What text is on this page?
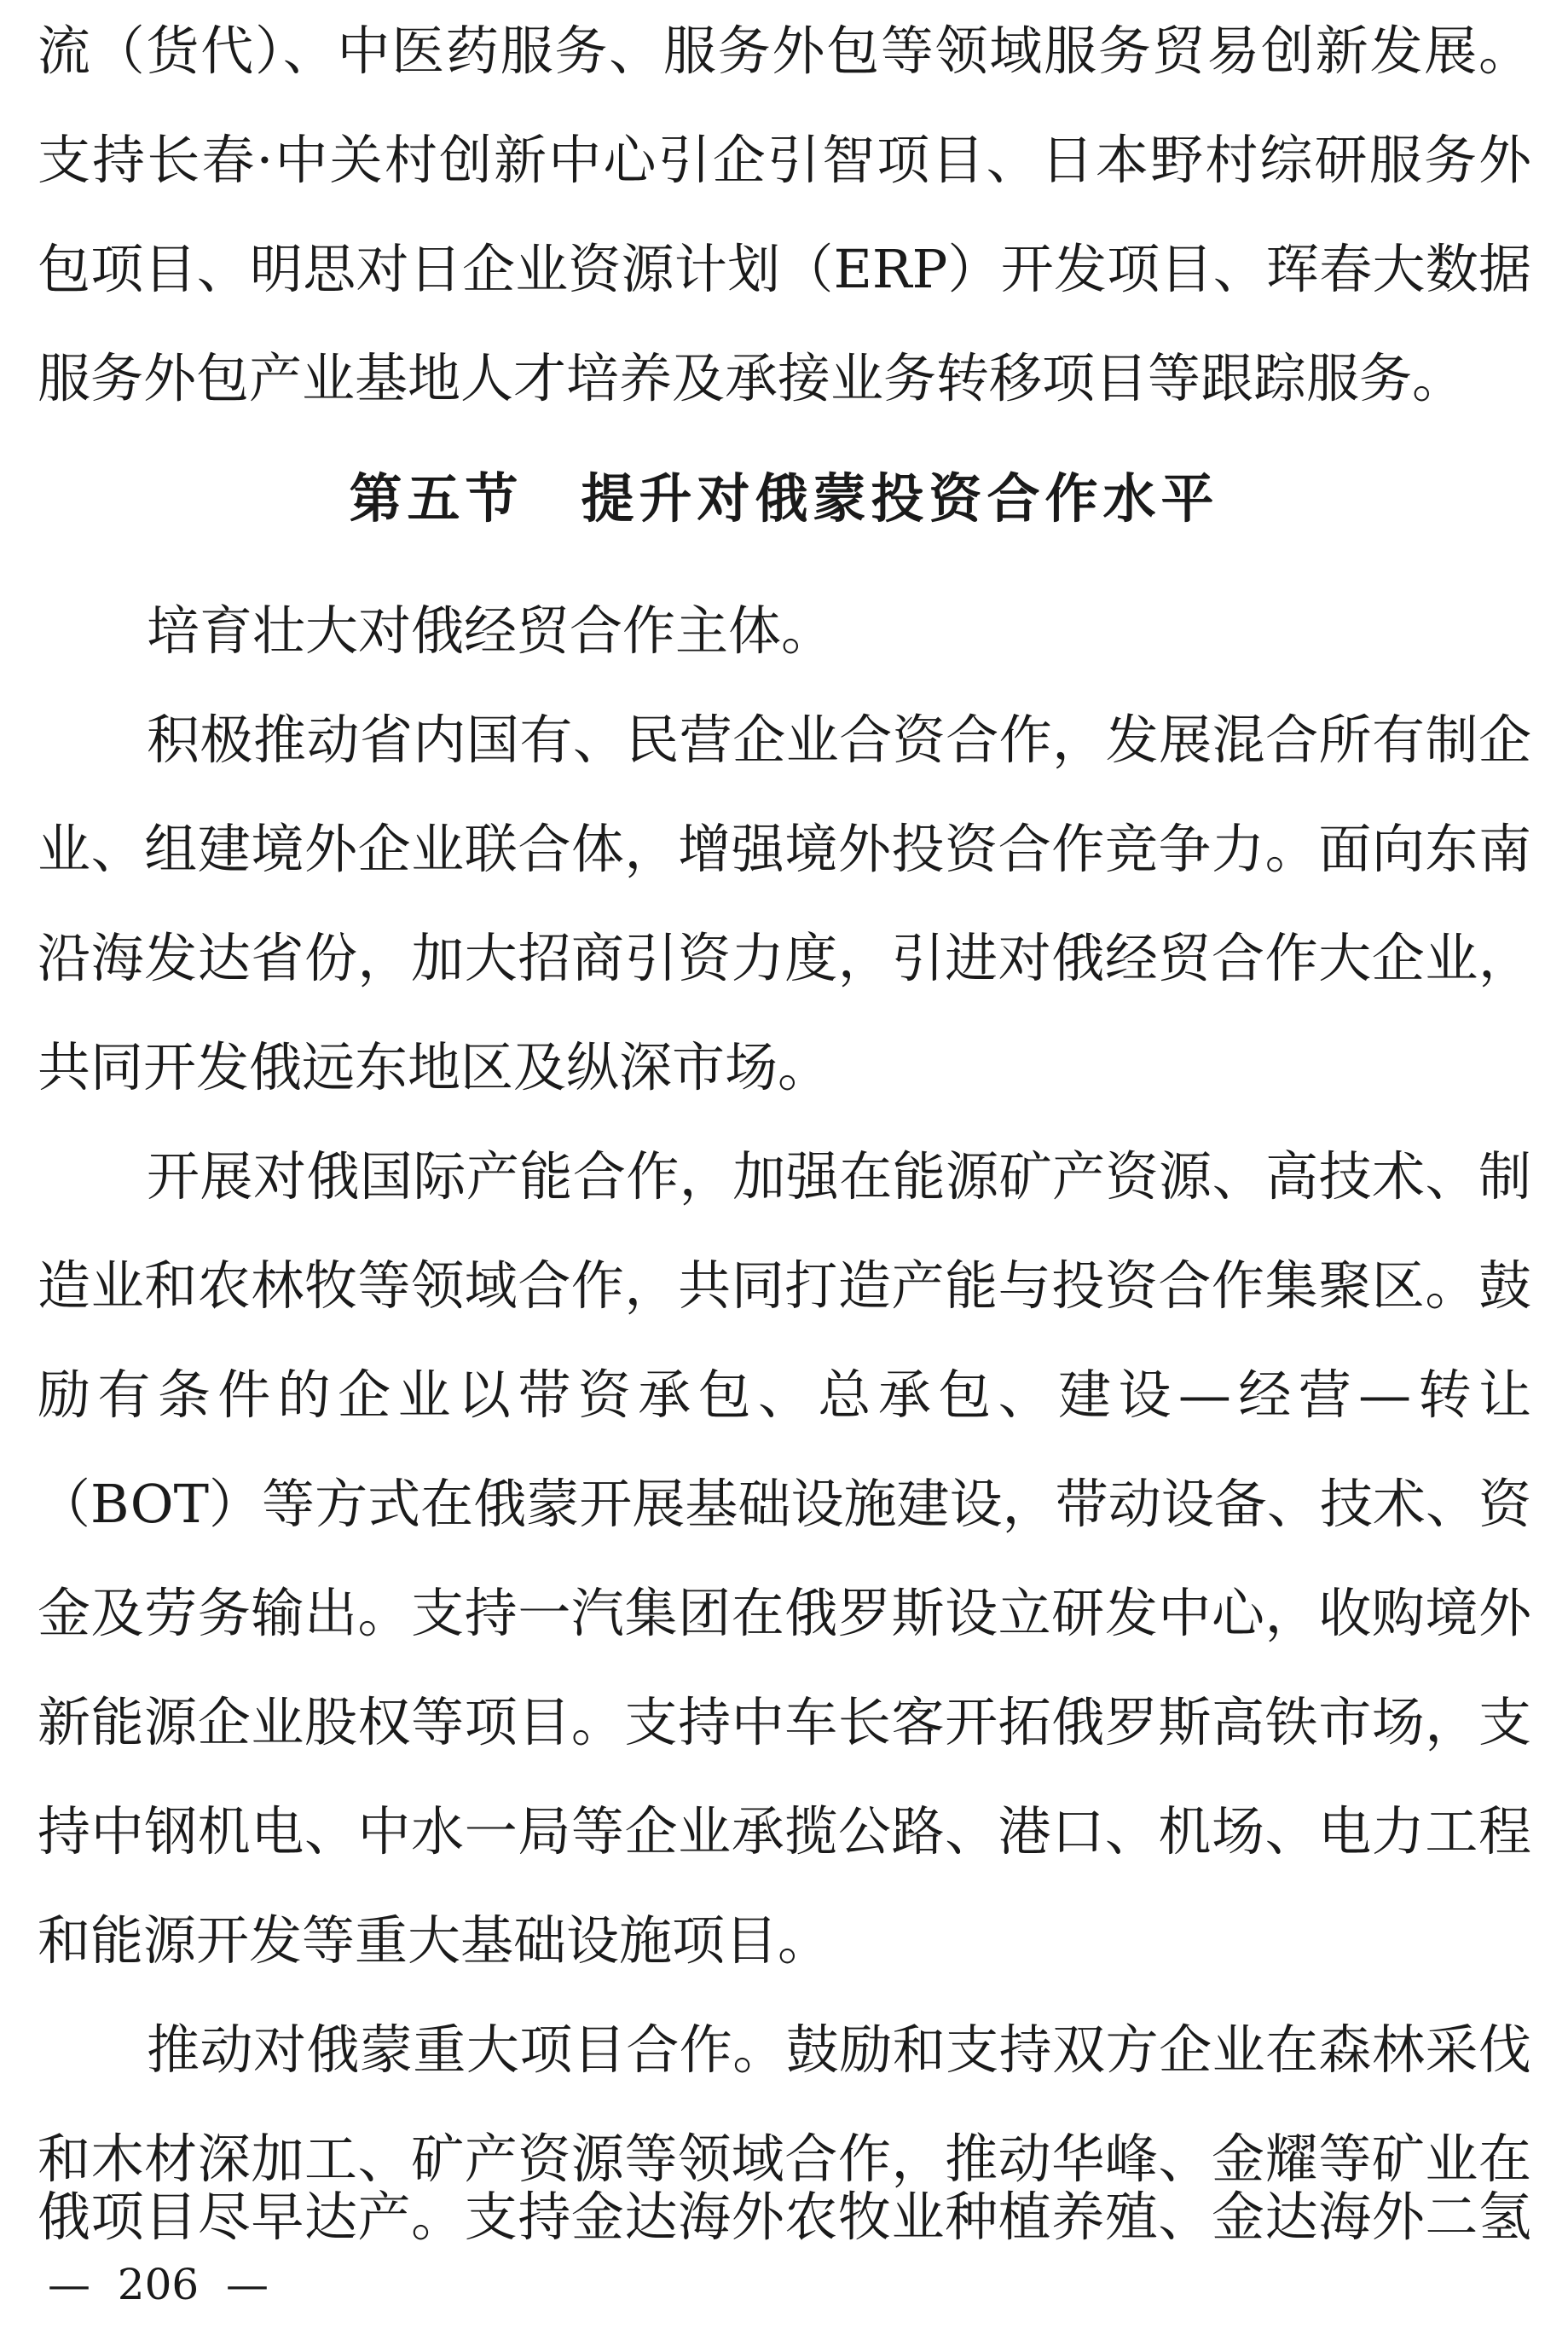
流（货代）、中医药服务、服务外包等领域服务贸易创新发展。
支持长春·中关村创新中心引企引智项目、日本野村综研服务外
包项目、明思对日企业资源计划（ERP）开发项目、珲春大数据
服务外包产业基地人才培养及承接业务转移项目等跟踪服务。
第五节　提升对俄蒙投资合作水平
培育壮大对俄经贸合作主体。
积极推动省内国有、民营企业合资合作，发展混合所有制企
业、组建境外企业联合体，增强境外投资合作竞争力。面向东南
沿海发达省份，加大招商引资力度，引进对俄经贸合作大企业，
共同开发俄远东地区及纵深市场。
开展对俄国际产能合作，加强在能源矿产资源、高技术、制
造业和农林牧等领域合作，共同打造产能与投资合作集聚区。鼓
励有条件的企业以带资承包、总承包、建设—经营—转让
（BOT）等方式在俄蒙开展基础设施建设，带动设备、技术、资
金及劳务输出。支持一汽集团在俄罗斯设立研发中心，收购境外
新能源企业股权等项目。支持中车长客开拓俄罗斯高铁市场，支
持中钢机电、中水一局等企业承揽公路、港口、机场、电力工程
和能源开发等重大基础设施项目。
推动对俄蒙重大项目合作。鼓励和支持双方企业在森林采伐
和木材深加工、矿产资源等领域合作，推动华峰、金耀等矿业在
俄项目尽早达产。支持金达海外农牧业种植养殖、金达海外二氢
—  206  —
